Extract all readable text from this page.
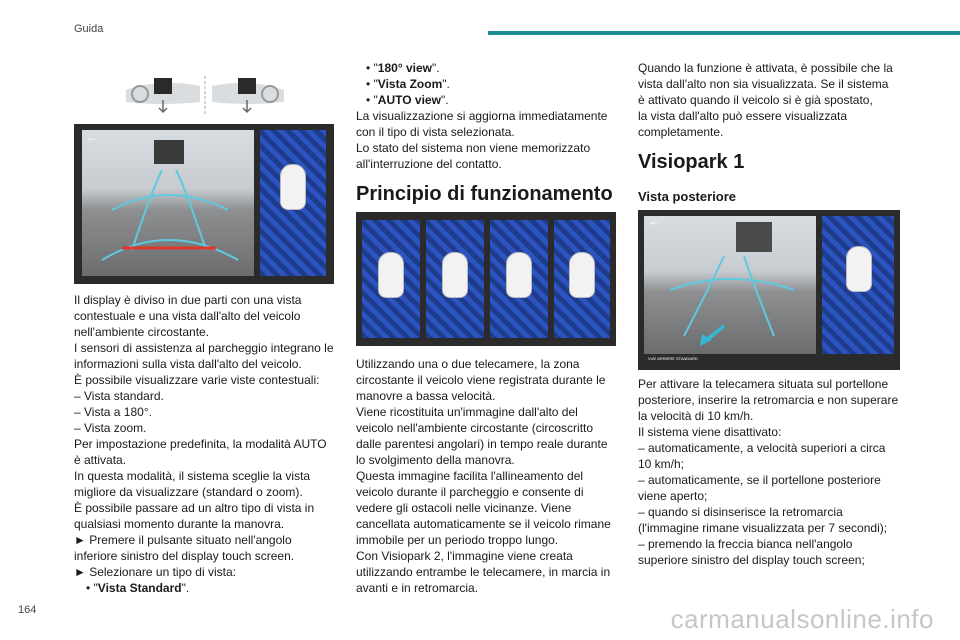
Guida
←

Il display è diviso in due parti con una vista

contestuale e una vista dall'alto del veicolo

nell'ambiente circostante.

I sensori di assistenza al parcheggio integrano le

informazioni sulla vista dall'alto del veicolo.

È possibile visualizzare varie viste contestuali:

– Vista standard.

– Vista a 180°.

– Vista zoom.

Per impostazione predefinita, la modalità AUTO

è attivata.

In questa modalità, il sistema sceglie la vista

migliore da visualizzare (standard o zoom).

È possibile passare ad un altro tipo di vista in

qualsiasi momento durante la manovra.

► Premere il pulsante situato nell'angolo

inferiore sinistro del display touch screen.

► Selezionare un tipo di vista:

• "Vista Standard".

• "180° view".

• "Vista Zoom".

• "AUTO view".

La visualizzazione si aggiorna immediatamente

con il tipo di vista selezionata.

Lo stato del sistema non viene memorizzato

all'interruzione del contatto.

Principio di funzionamento

Utilizzando una o due telecamere, la zona

circostante il veicolo viene registrata durante le

manovre a bassa velocità.

Viene ricostituita un'immagine dall'alto del

veicolo nell'ambiente circostante (circoscritto

dalle parentesi angolari) in tempo reale durante

lo svolgimento della manovra.

Questa immagine facilita l'allineamento del

veicolo durante il parcheggio e consente di

vedere gli ostacoli nelle vicinanze. Viene

cancellata automaticamente se il veicolo rimane

immobile per un periodo troppo lungo.

Con Visiopark 2, l'immagine viene creata

utilizzando entrambe le telecamere, in marcia in

avanti e in retromarcia.

Quando la funzione è attivata, è possibile che la

vista dall'alto non sia visualizzata. Se il sistema

è attivato quando il veicolo si è già spostato,

la vista dall'alto può essere visualizzata

completamente.

Visiopark 1
Vista posteriore
←
VUE ARRIERE STANDARD

Per attivare la telecamera situata sul portellone

posteriore, inserire la retromarcia e non superare

la velocità di 10 km/h.

Il sistema viene disattivato:

– automaticamente, a velocità superiori a circa

10 km/h;

– automaticamente, se il portellone posteriore

viene aperto;

– quando si disinserisce la retromarcia

(l'immagine rimane visualizzata per 7 secondi);

– premendo la freccia bianca nell'angolo

superiore sinistro del display touch screen;

164	carmanualsonline.info
